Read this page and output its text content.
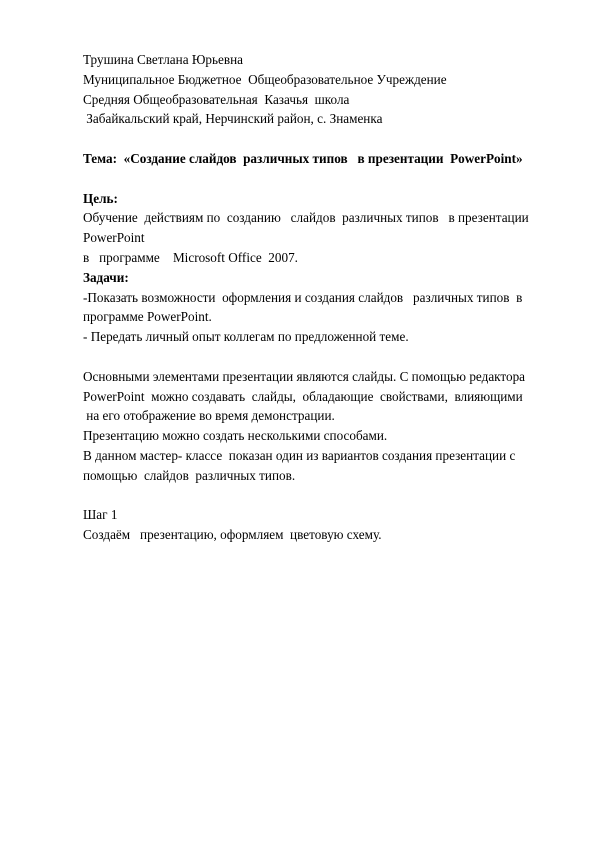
Трушина Светлана Юрьевна
Муниципальное Бюджетное  Общеобразовательное Учреждение
Средняя Общеобразовательная  Казачья  школа
Забайкальский край, Нерчинский район, с. Знаменка
Тема:  «Создание слайдов  различных типов   в презентации  PowerPoint»
Цель:
Обучение  действиям по  созданию   слайдов  различных типов   в презентации
PowerPoint
в   программе    Microsoft Office  2007.
Задачи:
-Показать возможности  оформления и создания слайдов   различных типов  в
программе PowerPoint.
- Передать личный опыт коллегам по предложенной теме.
Основными элементами презентации являются слайды. С помощью редактора
PowerPoint  можно создавать  слайды,  обладающие  свойствами,  влияющими
на его отображение во время демонстрации.
Презентацию можно создать несколькими способами.
В данном мастер- классе  показан один из вариантов создания презентации с
помощью  слайдов  различных типов.
Шаг 1
Создаём   презентацию, оформляем  цветовую схему.
